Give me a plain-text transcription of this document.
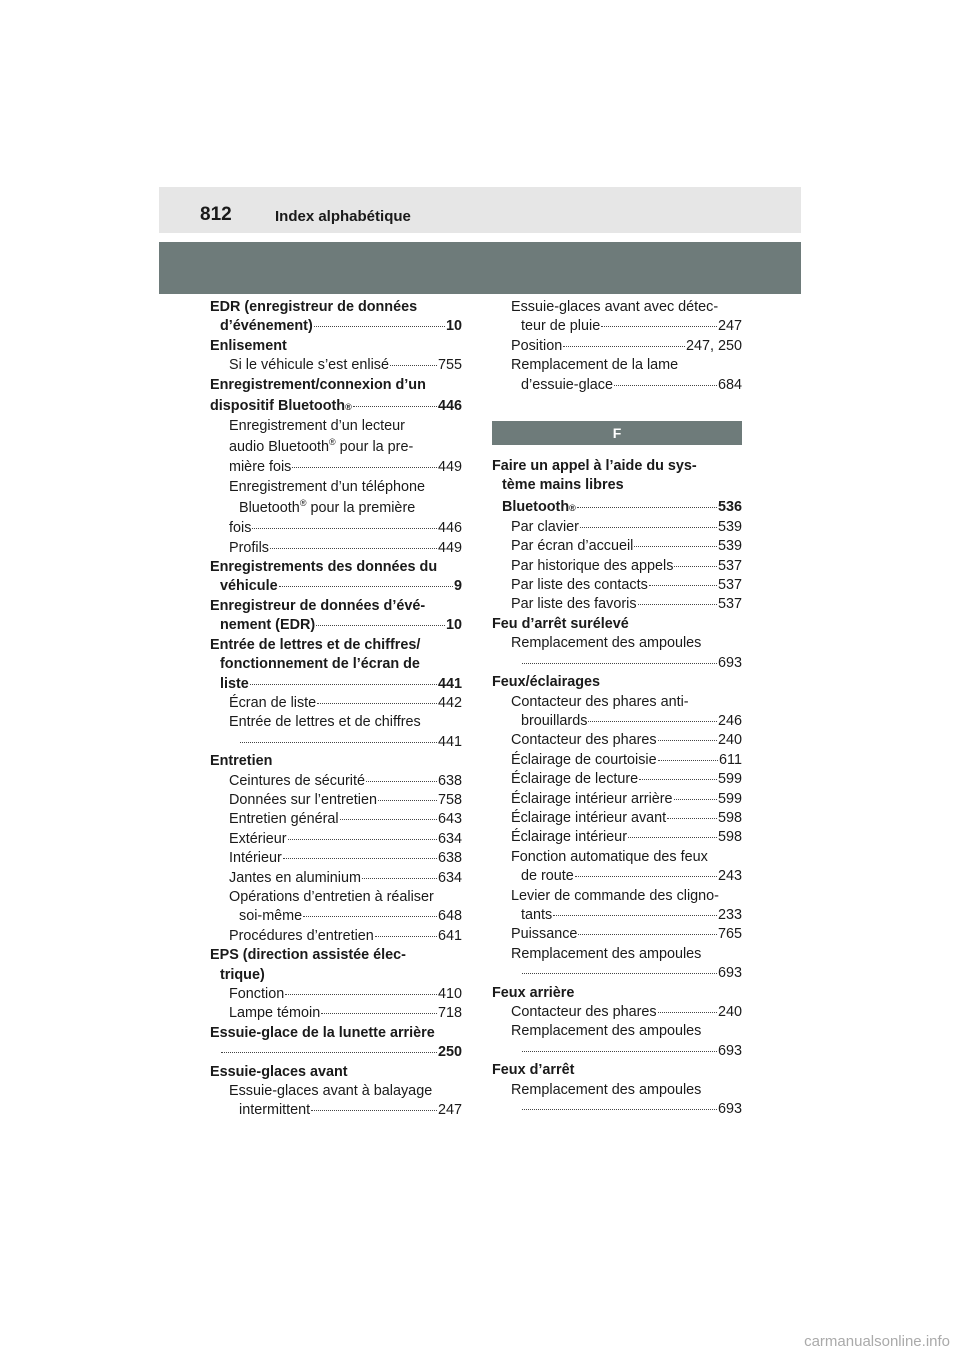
812	Index alphabétique
EDR (enregistreur de données
d’événement)	10
Enlisement
Si le véhicule s’est enlisé	755
Enregistrement/connexion d’un
dispositif Bluetooth ®	446
Enregistrement d’un lecteur
audio Bluetooth® pour la pre-
mière fois	449
Enregistrement d’un téléphone
Bluetooth® pour la première
fois	446
Profils	449
Enregistrements des données du
véhicule	9
Enregistreur de données d’évé-
nement (EDR)	10
Entrée de lettres et de chiffres/
fonctionnement de l’écran de
liste	441
Écran de liste	442
Entrée de lettres et de chiffres
441
Entretien
Ceintures de sécurité	638
Données sur l’entretien	758
Entretien général	643
Extérieur	634
Intérieur	638
Jantes en aluminium	634
Opérations d’entretien à réaliser
soi-même	648
Procédures d’entretien	641
EPS (direction assistée élec-
trique)
Fonction	410
Lampe témoin	718
Essuie-glace de la lunette arrière
250
Essuie-glaces avant
Essuie-glaces avant à balayage
intermittent	247
Essuie-glaces avant avec détec-
teur de pluie	247
Position	247, 250
Remplacement de la lame
d’essuie-glace	684
F
Faire un appel à l’aide du sys-
tème mains libres
Bluetooth ®	536
Par clavier	539
Par écran d’accueil	539
Par historique des appels	537
Par liste des contacts	537
Par liste des favoris	537
Feu d’arrêt surélevé
Remplacement des ampoules
693
Feux/éclairages
Contacteur des phares anti-
brouillards	246
Contacteur des phares	240
Éclairage de courtoisie	611
Éclairage de lecture	599
Éclairage intérieur arrière	599
Éclairage intérieur avant	598
Éclairage intérieur	598
Fonction automatique des feux
de route	243
Levier de commande des cligno-
tants	233
Puissance	765
Remplacement des ampoules
693
Feux arrière
Contacteur des phares	240
Remplacement des ampoules
693
Feux d’arrêt
Remplacement des ampoules
693
carmanualsonline.info
